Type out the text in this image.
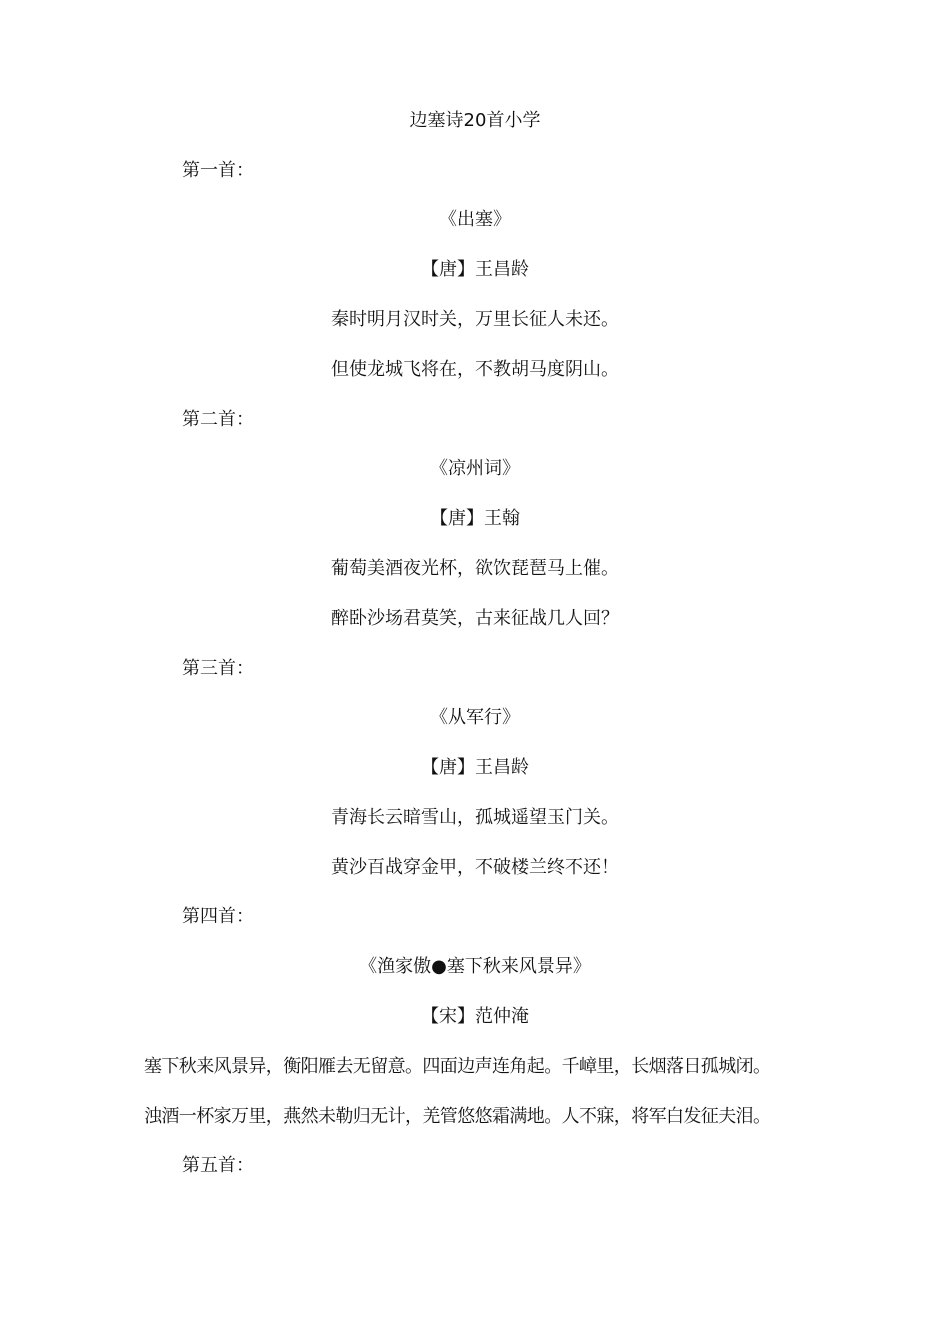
边塞诗20首小学
第一首：
《出塞》
【唐】王昌龄
秦时明月汉时关，万里长征人未还。
但使龙城飞将在，不教胡马度阴山。
第二首：
《凉州词》
【唐】王翰
葡萄美酒夜光杯，欲饮琵琶马上催。
醉卧沙场君莫笑，古来征战几人回？
第三首：
《从军行》
【唐】王昌龄
青海长云暗雪山，孤城遥望玉门关。
黄沙百战穿金甲，不破楼兰终不还！
第四首：
《渔家傲●塞下秋来风景异》
【宋】范仲淹
塞下秋来风景异，衡阳雁去无留意。四面边声连角起。千嶂里，长烟落日孤城闭。
浊酒一杯家万里，燕然未勒归无计，羌管悠悠霜满地。人不寐，将军白发征夫泪。
第五首：
